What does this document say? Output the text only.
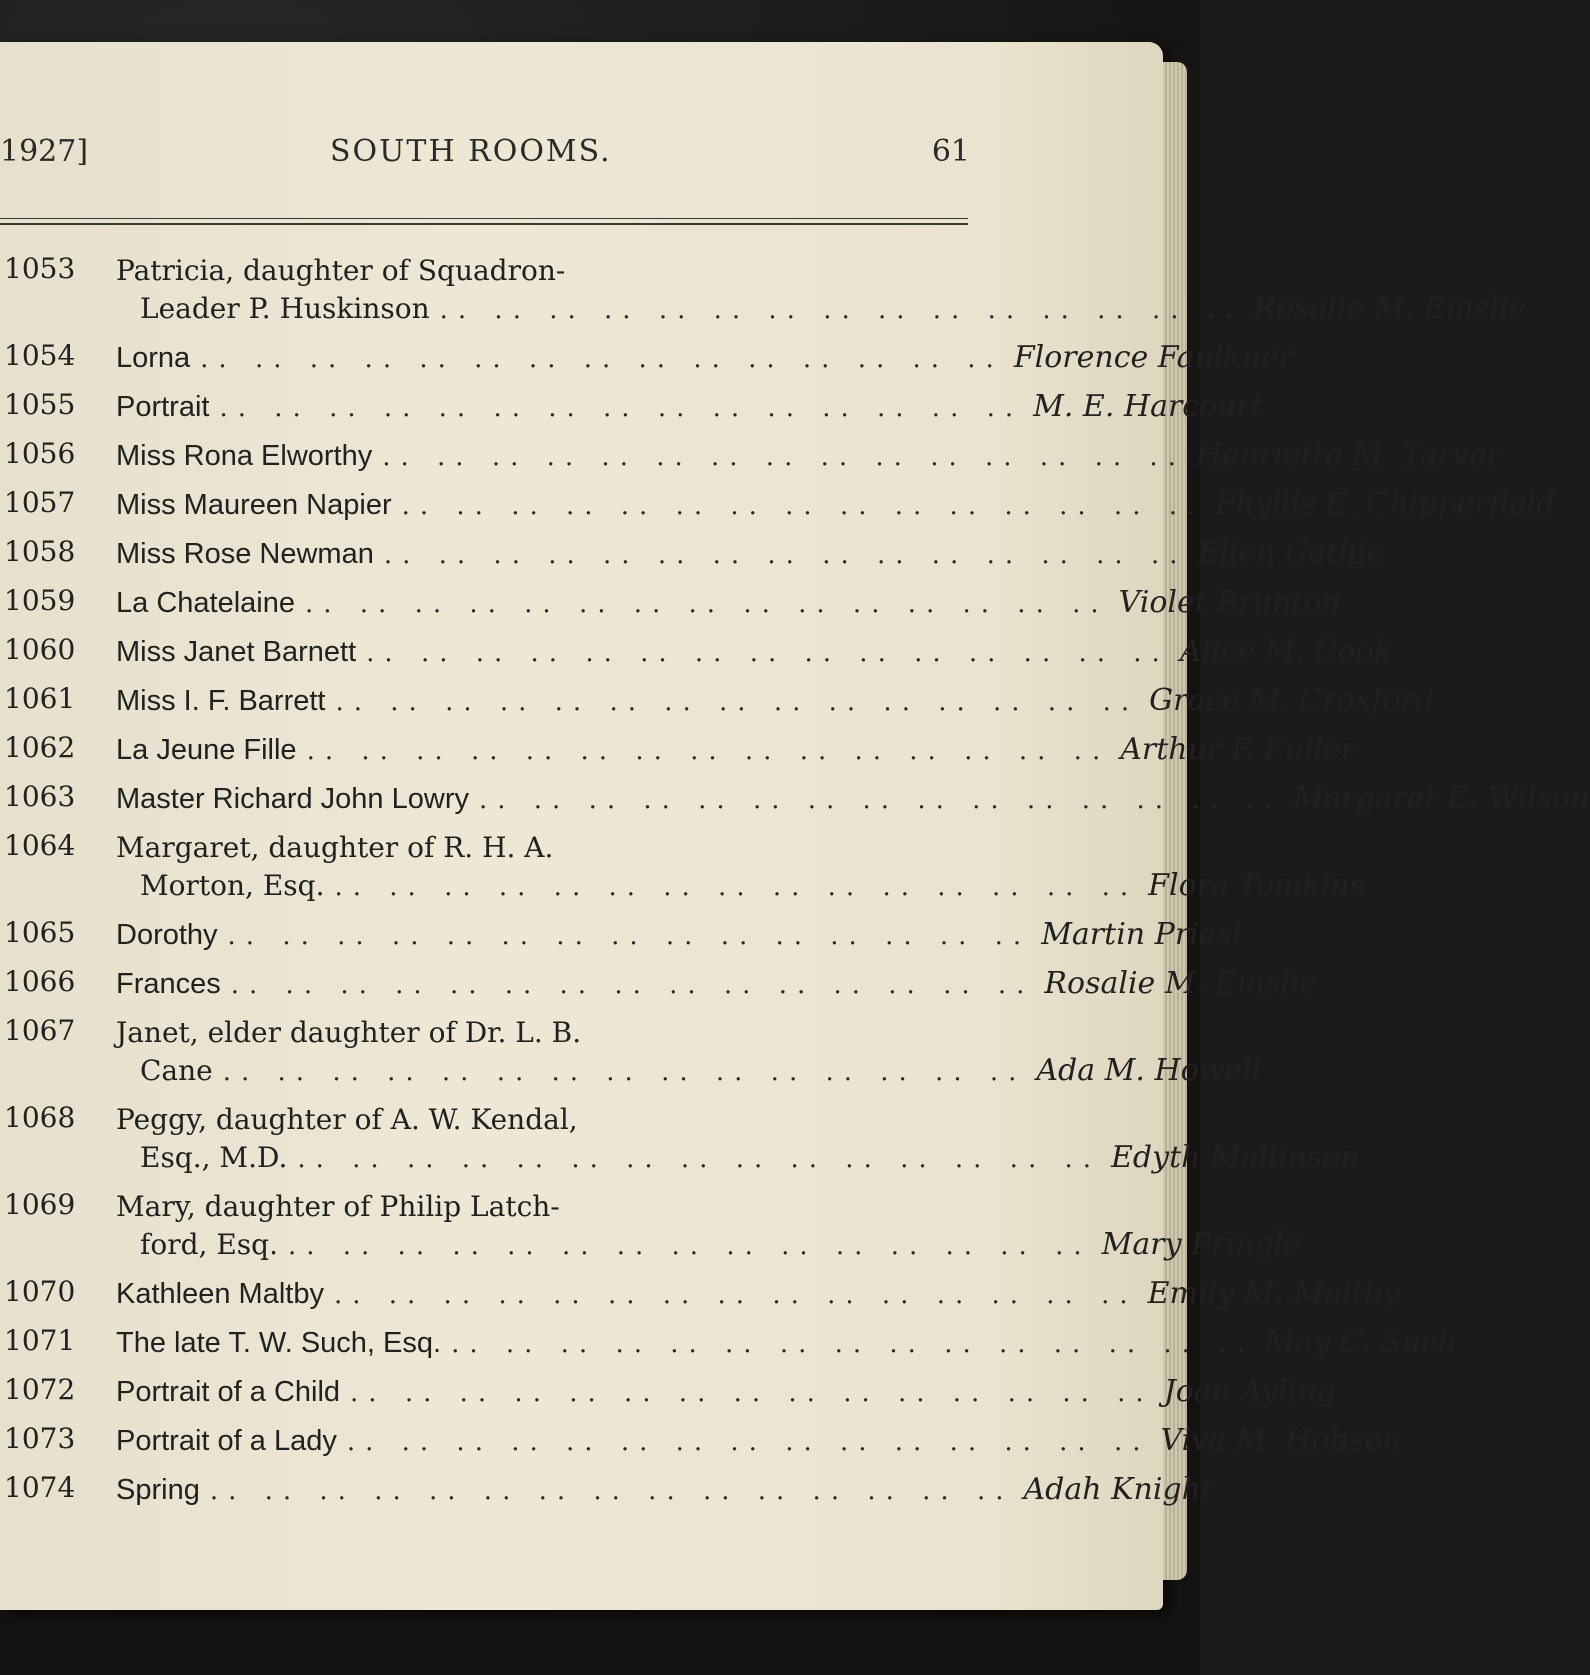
1927]	SOUTH ROOMS.	61
1053 Patricia, daughter of Squadron-
Leader P. Huskinson .. .. .. .. .. .. .. .. .. .. .. .. .. .. .. Rosalie M. Emslie
1054 Lorna .. .. .. .. .. .. .. .. .. .. .. .. .. .. .. Florence Faulkner
1055 Portrait .. .. .. .. .. .. .. .. .. .. .. .. .. .. .. M. E. Harcourt
1056 Miss Rona Elworthy .. .. .. .. .. .. .. .. .. .. .. .. .. .. .. Henrietta M. Tarver
1057 Miss Maureen Napier .. .. .. .. .. .. .. .. .. .. .. .. .. .. .. Phyllis E. Chipperfield
1058 Miss Rose Newman .. .. .. .. .. .. .. .. .. .. .. .. .. .. .. Ellen Cathie
1059 La Chatelaine .. .. .. .. .. .. .. .. .. .. .. .. .. .. .. Violet Brunton
1060 Miss Janet Barnett .. .. .. .. .. .. .. .. .. .. .. .. .. .. .. Alice M. Cook
1061 Miss I. F. Barrett .. .. .. .. .. .. .. .. .. .. .. .. .. .. .. Grace M. Croxford
1062 La Jeune Fille .. .. .. .. .. .. .. .. .. .. .. .. .. .. .. Arthur P. Fuller
1063 Master Richard John Lowry .. .. .. .. .. .. .. .. .. .. .. .. .. .. .. Margaret E. Wilson
1064 Margaret, daughter of R. H. A.
Morton, Esq. .. .. .. .. .. .. .. .. .. .. .. .. .. .. .. Flora Tomkins
1065 Dorothy .. .. .. .. .. .. .. .. .. .. .. .. .. .. .. Martin Priest
1066 Frances .. .. .. .. .. .. .. .. .. .. .. .. .. .. .. Rosalie M. Emslie
1067 Janet, elder daughter of Dr. L. B.
Cane .. .. .. .. .. .. .. .. .. .. .. .. .. .. .. Ada M. Howell
1068 Peggy, daughter of A. W. Kendal,
Esq., M.D. .. .. .. .. .. .. .. .. .. .. .. .. .. .. .. Edyth Mallinson
1069 Mary, daughter of Philip Latch-
ford, Esq. .. .. .. .. .. .. .. .. .. .. .. .. .. .. .. Mary Pringle
1070 Kathleen Maltby .. .. .. .. .. .. .. .. .. .. .. .. .. .. .. Emily M. Maltby
1071 The late T. W. Such, Esq. .. .. .. .. .. .. .. .. .. .. .. .. .. .. .. May C. Such
1072 Portrait of a Child .. .. .. .. .. .. .. .. .. .. .. .. .. .. .. Joan Ayling
1073 Portrait of a Lady .. .. .. .. .. .. .. .. .. .. .. .. .. .. .. Viva M. Hobson
1074 Spring .. .. .. .. .. .. .. .. .. .. .. .. .. .. .. Adah Knight
